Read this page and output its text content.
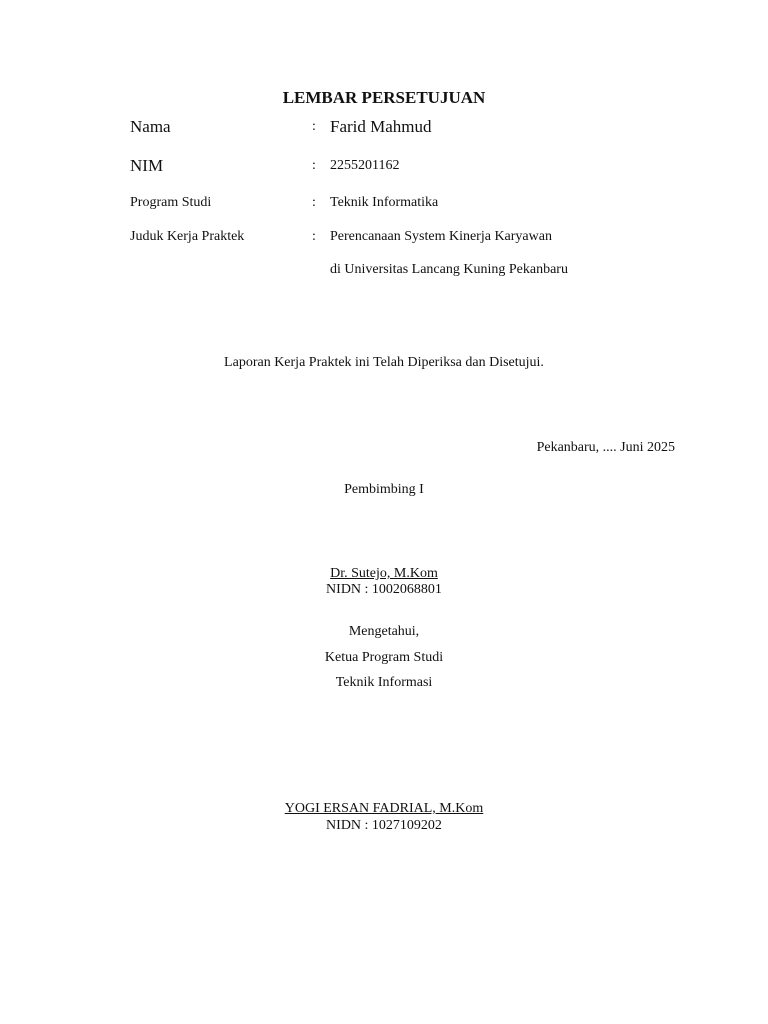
LEMBAR PERSETUJUAN
Nama	: Farid Mahmud
NIM	: 2255201162
Program Studi	: Teknik Informatika
Juduk Kerja Praktek	: Perencanaan System Kinerja Karyawan
di Universitas Lancang Kuning Pekanbaru
Laporan Kerja Praktek ini Telah Diperiksa dan Disetujui.
Pekanbaru, .... Juni 2025
Pembimbing I
Dr. Sutejo, M.Kom
NIDN : 1002068801
Mengetahui,
Ketua Program Studi
Teknik Informasi
YOGI ERSAN FADRIAL, M.Kom
NIDN : 1027109202
